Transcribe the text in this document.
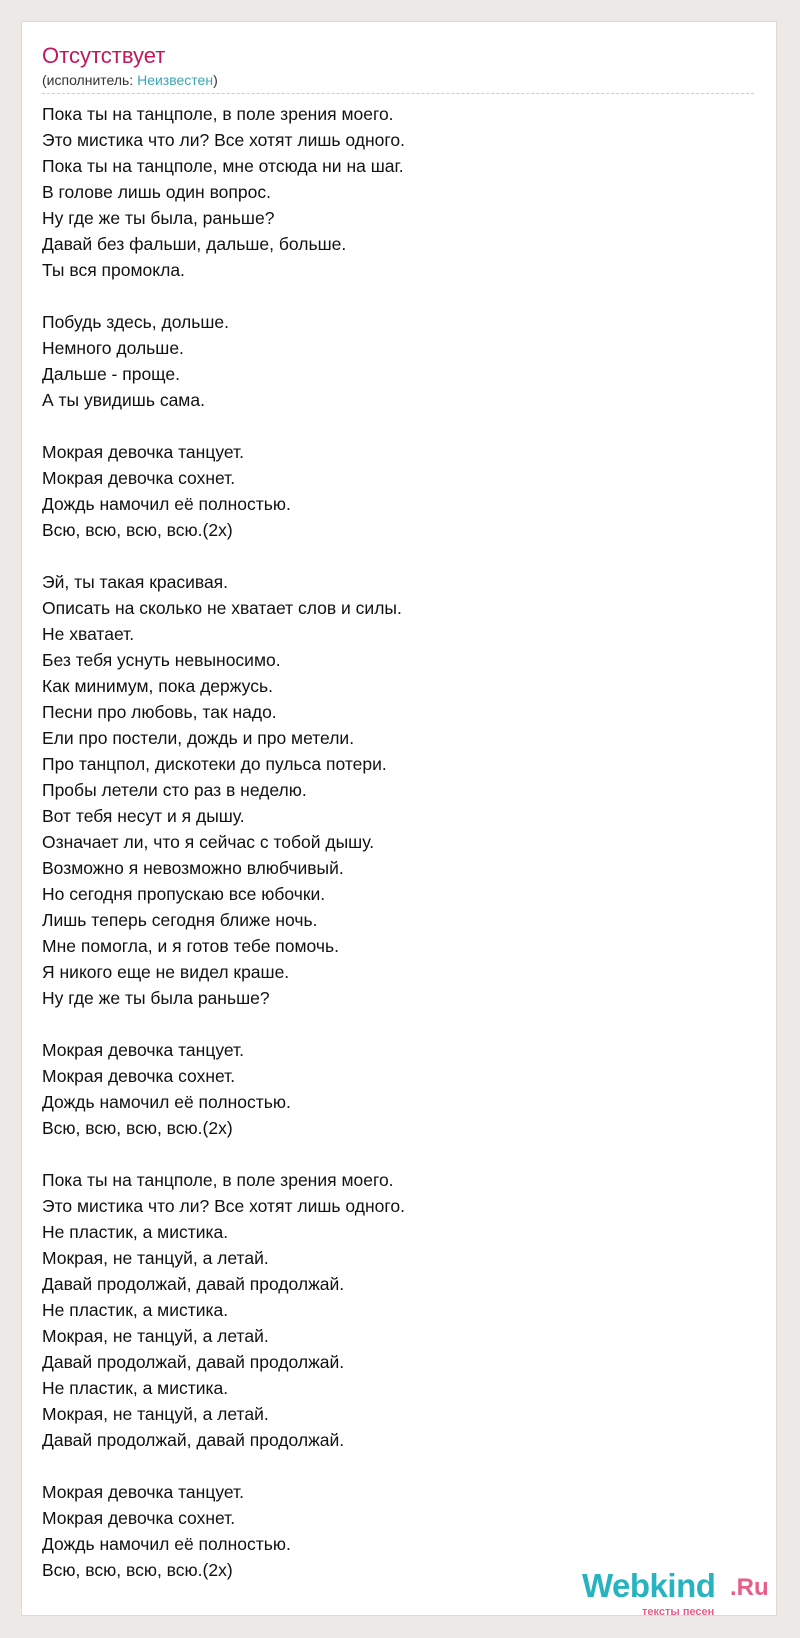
Отсутствует
(исполнитель: Неизвестен)
Пока ты на танцполе, в поле зрения моего.
Это мистика что ли? Все хотят лишь одного.
Пока ты на танцполе, мне отсюда ни на шаг.
В голове лишь один вопрос.
Ну где же ты была, раньше?
Давай без фальши, дальше, больше.
Ты вся промокла.
Побудь здесь, дольше.
Немного дольше.
Дальше - проще.
А ты увидишь сама.
Мокрая девочка танцует.
Мокрая девочка сохнет.
Дождь намочил её полностью.
Всю, всю, всю, всю.(2x)
Эй, ты такая красивая.
Описать на сколько не хватает слов и силы.
Не хватает.
Без тебя уснуть невыносимо.
Как минимум, пока держусь.
Песни про любовь, так надо.
Ели про постели, дождь и про метели.
Про танцпол, дискотеки до пульса потери.
Пробы летели сто раз в неделю.
Вот тебя несут и я дышу.
Означает ли, что я сейчас с тобой дышу.
Возможно я невозможно влюбчивый.
Но сегодня пропускаю все юбочки.
Лишь теперь сегодня ближе ночь.
Мне помогла, и я готов тебе помочь.
Я никого еще не видел краше.
Ну где же ты была раньше?
Мокрая девочка танцует.
Мокрая девочка сохнет.
Дождь намочил её полностью.
Всю, всю, всю, всю.(2x)
Пока ты на танцполе, в поле зрения моего.
Это мистика что ли? Все хотят лишь одного.
Не пластик, а мистика.
Мокрая, не танцуй, а летай.
Давай продолжай, давай продолжай.
Не пластик, а мистика.
Мокрая, не танцуй, а летай.
Давай продолжай, давай продолжай.
Не пластик, а мистика.
Мокрая, не танцуй, а летай.
Давай продолжай, давай продолжай.
Мокрая девочка танцует.
Мокрая девочка сохнет.
Дождь намочил её полностью.
Всю, всю, всю, всю.(2x)	Webkind .Ru
тексты песен
